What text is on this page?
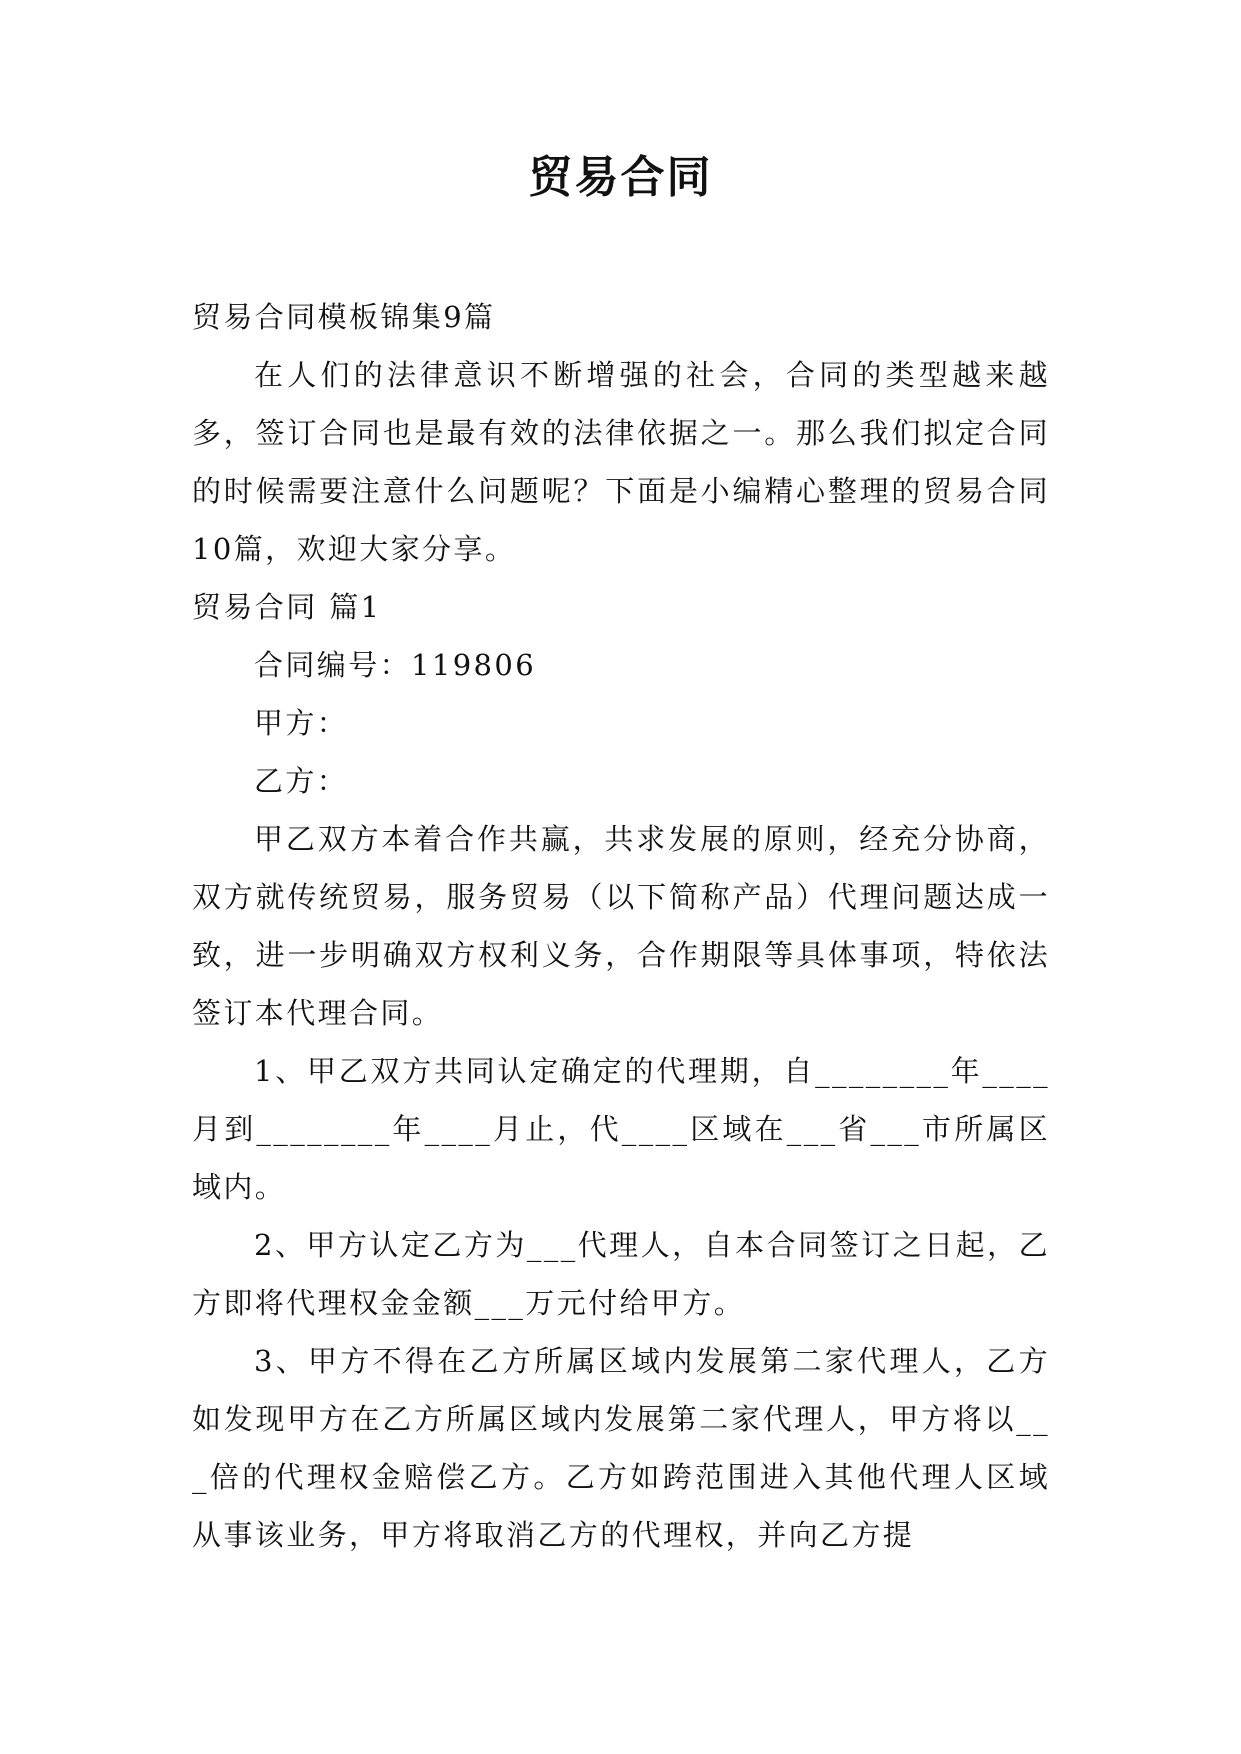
贸易合同

贸易合同模板锦集9篇

在人们的法律意识不断增强的社会，合同的类型越来越多，签订合同也是最有效的法律依据之一。那么我们拟定合同的时候需要注意什么问题呢？下面是小编精心整理的贸易合同10篇，欢迎大家分享。

贸易合同 篇1

合同编号：119806

甲方：

乙方：

甲乙双方本着合作共赢，共求发展的原则，经充分协商，双方就传统贸易，服务贸易（以下简称产品）代理问题达成一致，进一步明确双方权利义务，合作期限等具体事项，特依法签订本代理合同。

1、甲乙双方共同认定确定的代理期，自________年____月到________年____月止，代____区域在___省___市所属区域内。

2、甲方认定乙方为___代理人，自本合同签订之日起，乙方即将代理权金金额___万元付给甲方。

3、甲方不得在乙方所属区域内发展第二家代理人，乙方如发现甲方在乙方所属区域内发展第二家代理人，甲方将以___倍的代理权金赔偿乙方。乙方如跨范围进入其他代理人区域从事该业务，甲方将取消乙方的代理权，并向乙方提
